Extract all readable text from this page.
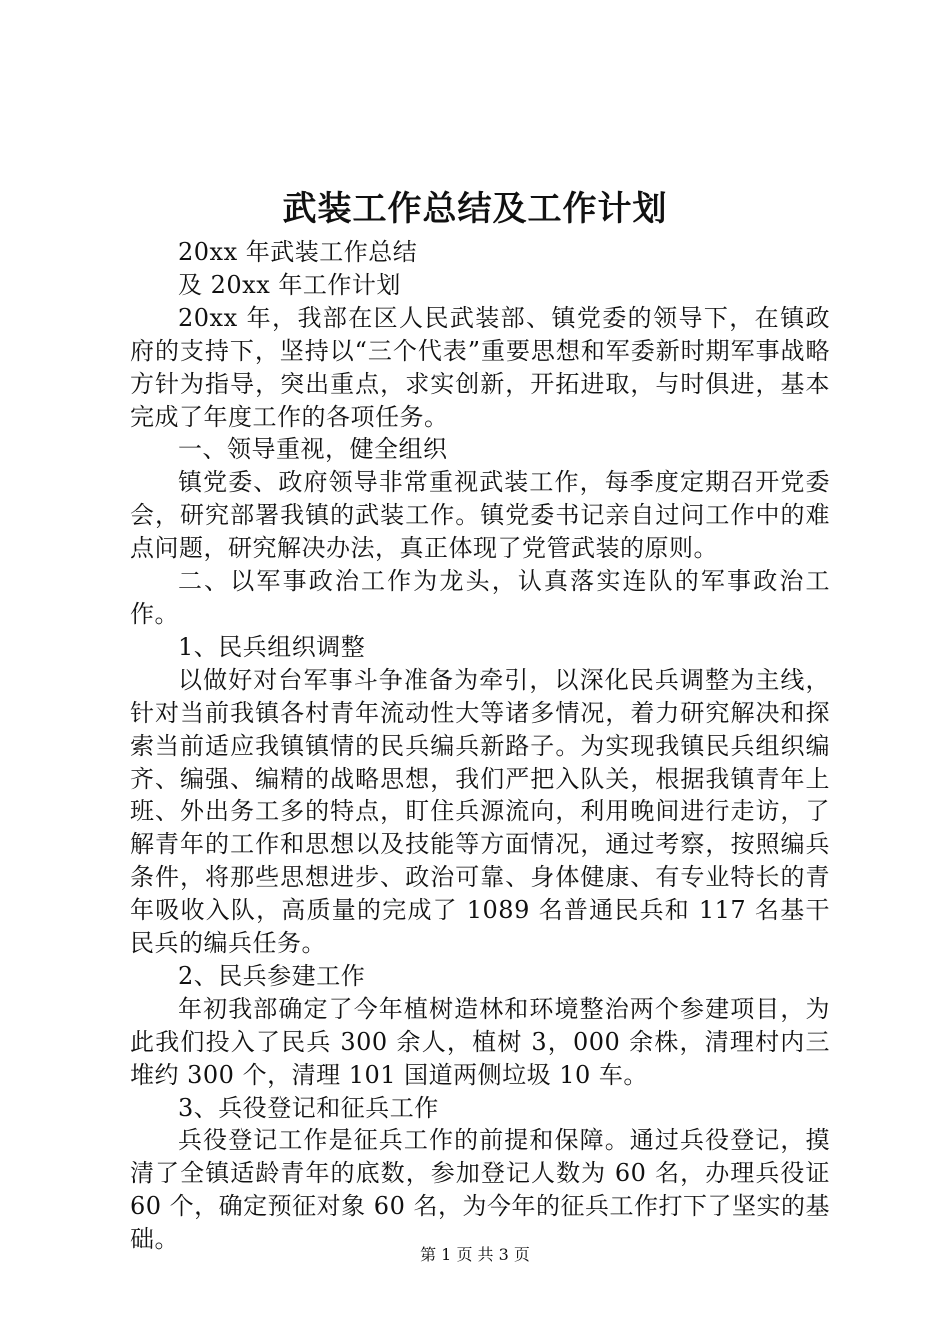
武装工作总结及工作计划

20xx 年武装工作总结

及 20xx 年工作计划

20xx 年，我部在区人民武装部、镇党委的领导下，在镇政府的支持下，坚持以“三个代表”重要思想和军委新时期军事战略方针为指导，突出重点，求实创新，开拓进取，与时俱进，基本完成了年度工作的各项任务。

一、领导重视，健全组织

镇党委、政府领导非常重视武装工作，每季度定期召开党委会，研究部署我镇的武装工作。镇党委书记亲自过问工作中的难点问题，研究解决办法，真正体现了党管武装的原则。

二、以军事政治工作为龙头，认真落实连队的军事政治工作。

1、民兵组织调整

以做好对台军事斗争准备为牵引，以深化民兵调整为主线，针对当前我镇各村青年流动性大等诸多情况，着力研究解决和探索当前适应我镇镇情的民兵编兵新路子。为实现我镇民兵组织编齐、编强、编精的战略思想，我们严把入队关，根据我镇青年上班、外出务工多的特点，盯住兵源流向，利用晚间进行走访，了解青年的工作和思想以及技能等方面情况，通过考察，按照编兵条件，将那些思想进步、政治可靠、身体健康、有专业特长的青年吸收入队，高质量的完成了 1089 名普通民兵和 117 名基干民兵的编兵任务。

2、民兵参建工作

年初我部确定了今年植树造林和环境整治两个参建项目，为此我们投入了民兵 300 余人，植树 3，000 余株，清理村内三堆约 300 个，清理 101 国道两侧垃圾 10 车。

3、兵役登记和征兵工作

兵役登记工作是征兵工作的前提和保障。通过兵役登记，摸清了全镇适龄青年的底数，参加登记人数为 60 名，办理兵役证 60 个，确定预征对象 60 名，为今年的征兵工作打下了坚实的基础。

第 1 页 共 3 页
